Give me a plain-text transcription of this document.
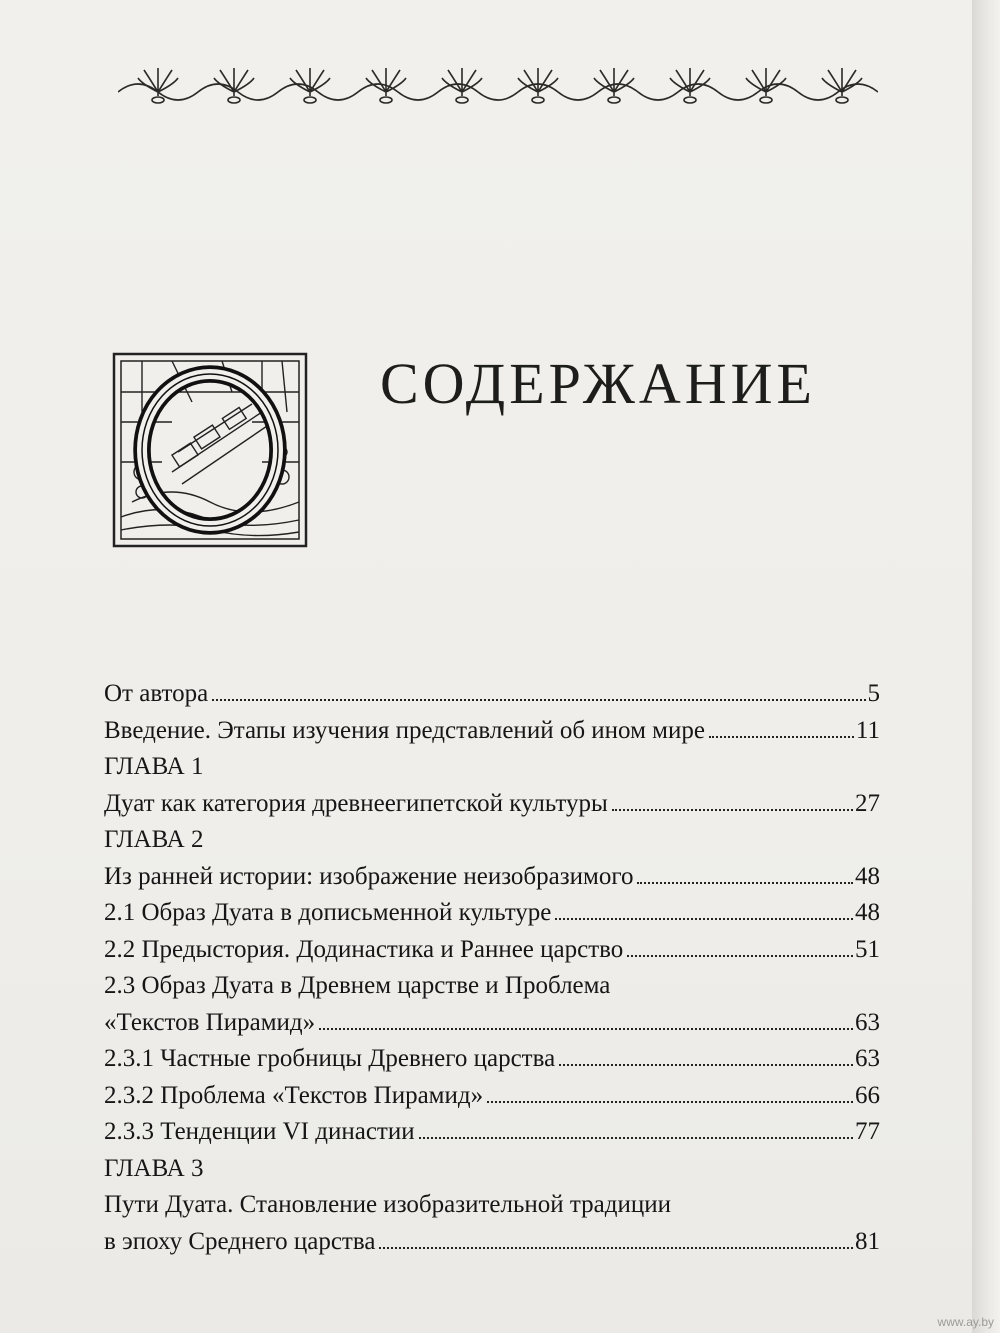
СОДЕРЖАНИЕ
От автора	5
Введение. Этапы изучения представлений об ином мире	11
ГЛАВА 1
Дуат как категория древнеегипетской культуры	27
ГЛАВА 2
Из ранней истории: изображение неизобразимого	48
2.1 Образ Дуата в дописьменной культуре	48
2.2 Предыстория. Додинастика и Раннее царство	51
2.3 Образ Дуата в Древнем царстве и Проблема
«Текстов Пирамид»	63
2.3.1 Частные гробницы Древнего царства	63
2.3.2 Проблема «Текстов Пирамид»	66
2.3.3 Тенденции VI династии	77
ГЛАВА 3
Пути Дуата. Становление изобразительной традиции
в эпоху Среднего царства	81
www.ay.by
